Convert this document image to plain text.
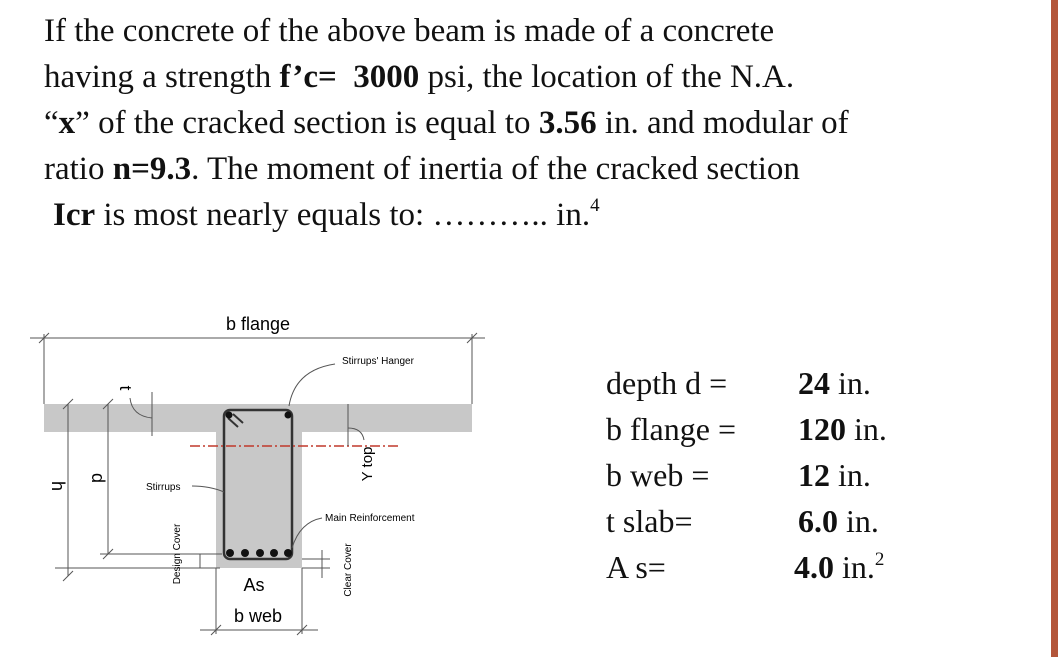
If the concrete of the above beam is made of a concrete
having a strength f’c= 3000 psi, the location of the N.A.
“x” of the cracked section is equal to 3.56 in. and modular of
ratio n=9.3. The moment of inertia of the cracked section
Icr is most nearly equals to: ……….. in.$^4$
b flange
Stirrups' Hanger
h
d
t
Stirrups
Y top
Main Reinforcement
Design Cover	Clear Cover
As
b web
depth d = 24 in.
b flange = 120 in.
b web =	12 in.
t slab=	6.0 in.
A s=	4.0 in.$^2$
